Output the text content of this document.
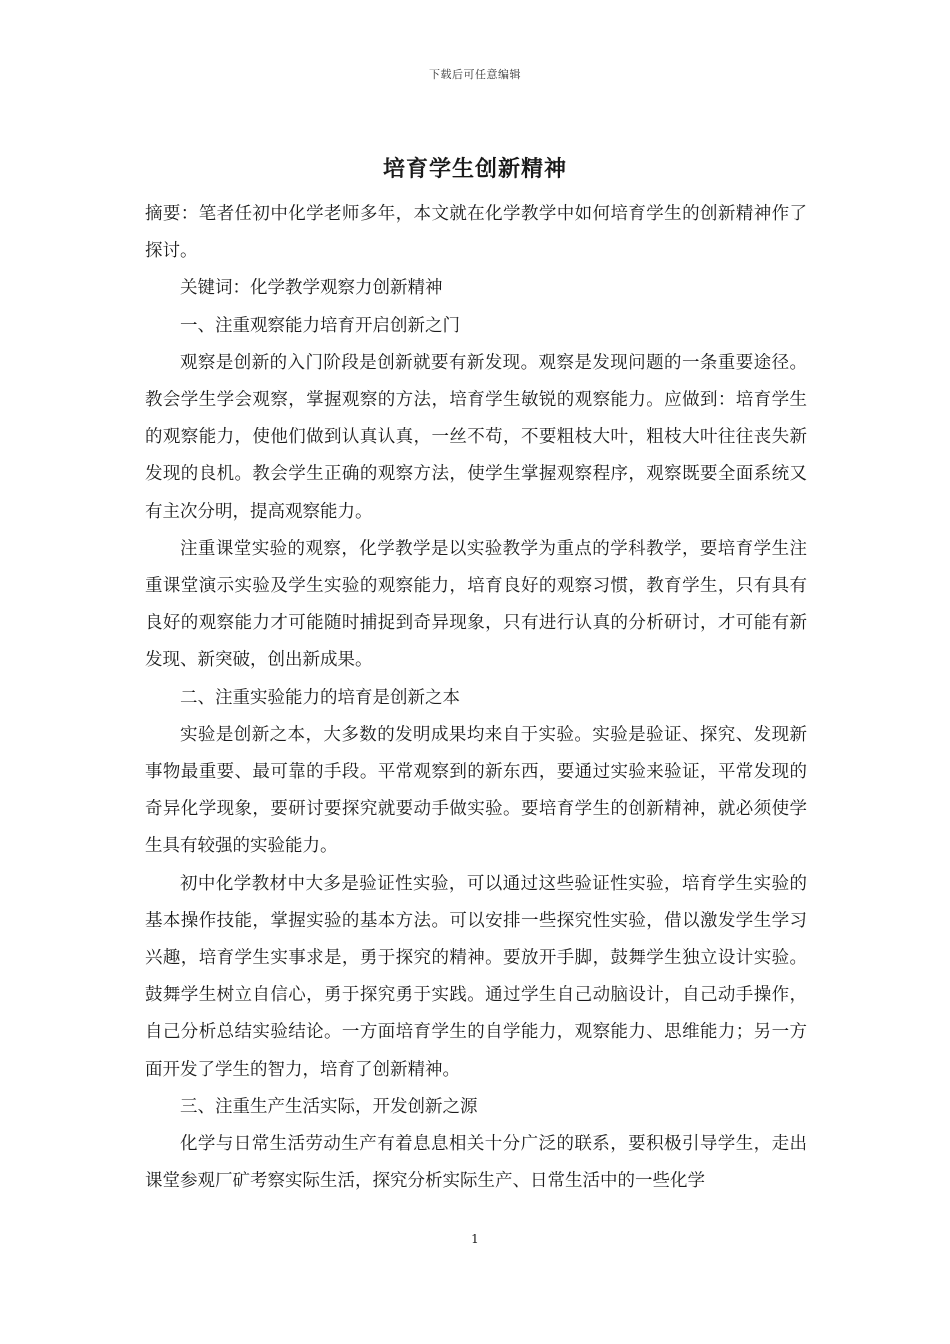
下载后可任意编辑
培育学生创新精神

摘要：笔者任初中化学老师多年，本文就在化学教学中如何培育学生的创新精神作了探讨。

关键词：化学教学观察力创新精神

一、注重观察能力培育开启创新之门

观察是创新的入门阶段是创新就要有新发现。观察是发现问题的一条重要途径。教会学生学会观察，掌握观察的方法，培育学生敏锐的观察能力。应做到：培育学生的观察能力，使他们做到认真认真，一丝不苟，不要粗枝大叶，粗枝大叶往往丧失新发现的良机。教会学生正确的观察方法，使学生掌握观察程序，观察既要全面系统又有主次分明，提高观察能力。

注重课堂实验的观察，化学教学是以实验教学为重点的学科教学，要培育学生注重课堂演示实验及学生实验的观察能力，培育良好的观察习惯，教育学生，只有具有良好的观察能力才可能随时捕捉到奇异现象，只有进行认真的分析研讨，才可能有新发现、新突破，创出新成果。

二、注重实验能力的培育是创新之本

实验是创新之本，大多数的发明成果均来自于实验。实验是验证、探究、发现新事物最重要、最可靠的手段。平常观察到的新东西，要通过实验来验证，平常发现的奇异化学现象，要研讨要探究就要动手做实验。要培育学生的创新精神，就必须使学生具有较强的实验能力。

初中化学教材中大多是验证性实验，可以通过这些验证性实验，培育学生实验的基本操作技能，掌握实验的基本方法。可以安排一些探究性实验，借以激发学生学习兴趣，培育学生实事求是，勇于探究的精神。要放开手脚，鼓舞学生独立设计实验。鼓舞学生树立自信心，勇于探究勇于实践。通过学生自己动脑设计，自己动手操作，自己分析总结实验结论。一方面培育学生的自学能力，观察能力、思维能力；另一方面开发了学生的智力，培育了创新精神。

三、注重生产生活实际，开发创新之源

化学与日常生活劳动生产有着息息相关十分广泛的联系，要积极引导学生，走出课堂参观厂矿考察实际生活，探究分析实际生产、日常生活中的一些化学

1
